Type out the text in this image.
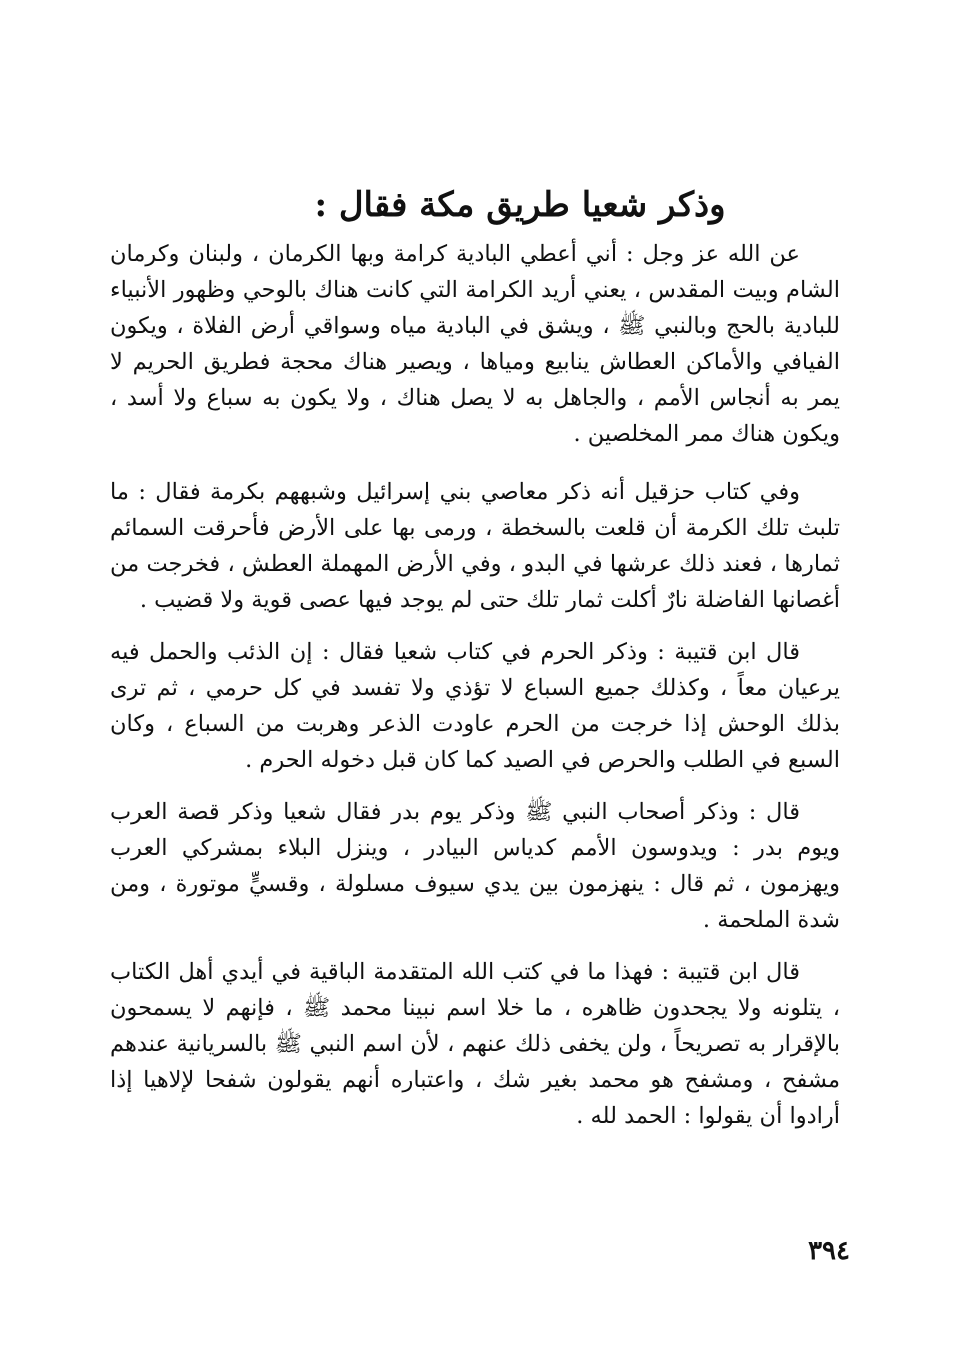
وذكر شعيا طريق مكة فقال :

عن الله عز وجل : أني أعطي البادية كرامة وبها الكرمان ، ولبنان وكرمان الشام وبيت المقدس ، يعني أريد الكرامة التي كانت هناك بالوحي وظهور الأنبياء للبادية بالحج وبالنبي ﷺ ، ويشق في البادية مياه وسواقي أرض الفلاة ، ويكون الفيافي والأماكن العطاش ينابيع ومياها ، ويصير هناك محجة فطريق الحريم لا يمر به أنجاس الأمم ، والجاهل به لا يصل هناك ، ولا يكون به سباع ولا أسد ، ويكون هناك ممر المخلصين .

وفي كتاب حزقيل أنه ذكر معاصي بني إسرائيل وشبههم بكرمة فقال : ما تلبث تلك الكرمة أن قلعت بالسخطة ، ورمى بها على الأرض فأحرقت السمائم ثمارها ، فعند ذلك عرشها في البدو ، وفي الأرض المهملة العطش ، فخرجت من أغصانها الفاضلة نارٌ أكلت ثمار تلك حتى لم يوجد فيها عصى قوية ولا قضيب .

قال ابن قتيبة : وذكر الحرم في كتاب شعيا فقال : إن الذئب والحمل فيه يرعيان معاً ، وكذلك جميع السباع لا تؤذي ولا تفسد في كل حرمي ، ثم ترى بذلك الوحش إذا خرجت من الحرم عاودت الذعر وهربت من السباع ، وكان السبع في الطلب والحرص في الصيد كما كان قبل دخوله الحرم .

قال : وذكر أصحاب النبي ﷺ وذكر يوم بدر فقال شعيا وذكر قصة العرب ويوم بدر : ويدوسون الأمم كدياس البيادر ، وينزل البلاء بمشركي العرب ويهزمون ، ثم قال : ينهزمون بين يدي سيوف مسلولة ، وقسيٍّ موتورة ، ومن شدة الملحمة .

قال ابن قتيبة : فهذا ما في كتب الله المتقدمة الباقية في أيدي أهل الكتاب ، يتلونه ولا يجحدون ظاهره ، ما خلا اسم نبينا محمد ﷺ ، فإنهم لا يسمحون بالإقرار به تصريحاً ، ولن يخفى ذلك عنهم ، لأن اسم النبي ﷺ بالسريانية عندهم مشفح ، ومشفح هو محمد بغير شك ، واعتباره أنهم يقولون شفحا لإلاهيا إذا أرادوا أن يقولوا : الحمد لله .

٣٩٤
